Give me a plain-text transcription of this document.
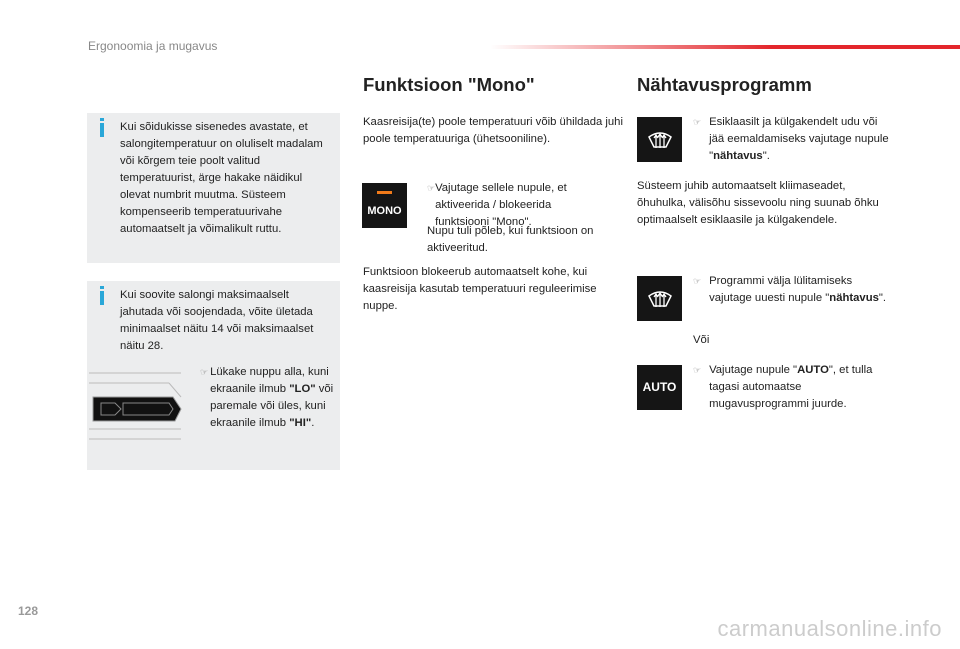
Ergonoomia ja mugavus
Kui sõidukisse sisenedes avastate, et salongitemperatuur on oluliselt madalam või kõrgem teie poolt valitud temperatuurist, ärge hakake näidikul olevat numbrit muutma. Süsteem kompenseerib temperatuurivahe automaatselt ja võimalikult ruttu.
Kui soovite salongi maksimaalselt jahutada või soojendada, võite ületada minimaalset näitu 14 või maksimaalset näitu 28.
☞ Lükake nuppu alla, kuni ekraanile ilmub "LO" või paremale või üles, kuni ekraanile ilmub "HI".
Funktsioon "Mono"
Kaasreisija(te) poole temperatuuri võib ühildada juhi poole temperatuuriga (ühetsooniline).
MONO
☞ Vajutage sellele nupule, et aktiveerida / blokeerida funktsiooni "Mono".
Nupu tuli põleb, kui funktsioon on aktiveeritud.
Funktsioon blokeerub automaatselt kohe, kui kaasreisija kasutab temperatuuri reguleerimise nuppe.
Nähtavusprogramm
☞ Esiklaasilt ja külgakendelt udu või jää eemaldamiseks vajutage nupule "nähtavus".
Süsteem juhib automaatselt kliimaseadet, õhuhulka, välisõhu sissevoolu ning suunab õhku optimaalselt esiklaasile ja külgakendele.
☞ Programmi välja lülitamiseks vajutage uuesti nupule "nähtavus".
Või
AUTO
☞ Vajutage nupule "AUTO", et tulla tagasi automaatse mugavusprogrammi juurde.
128
carmanualsonline.info
